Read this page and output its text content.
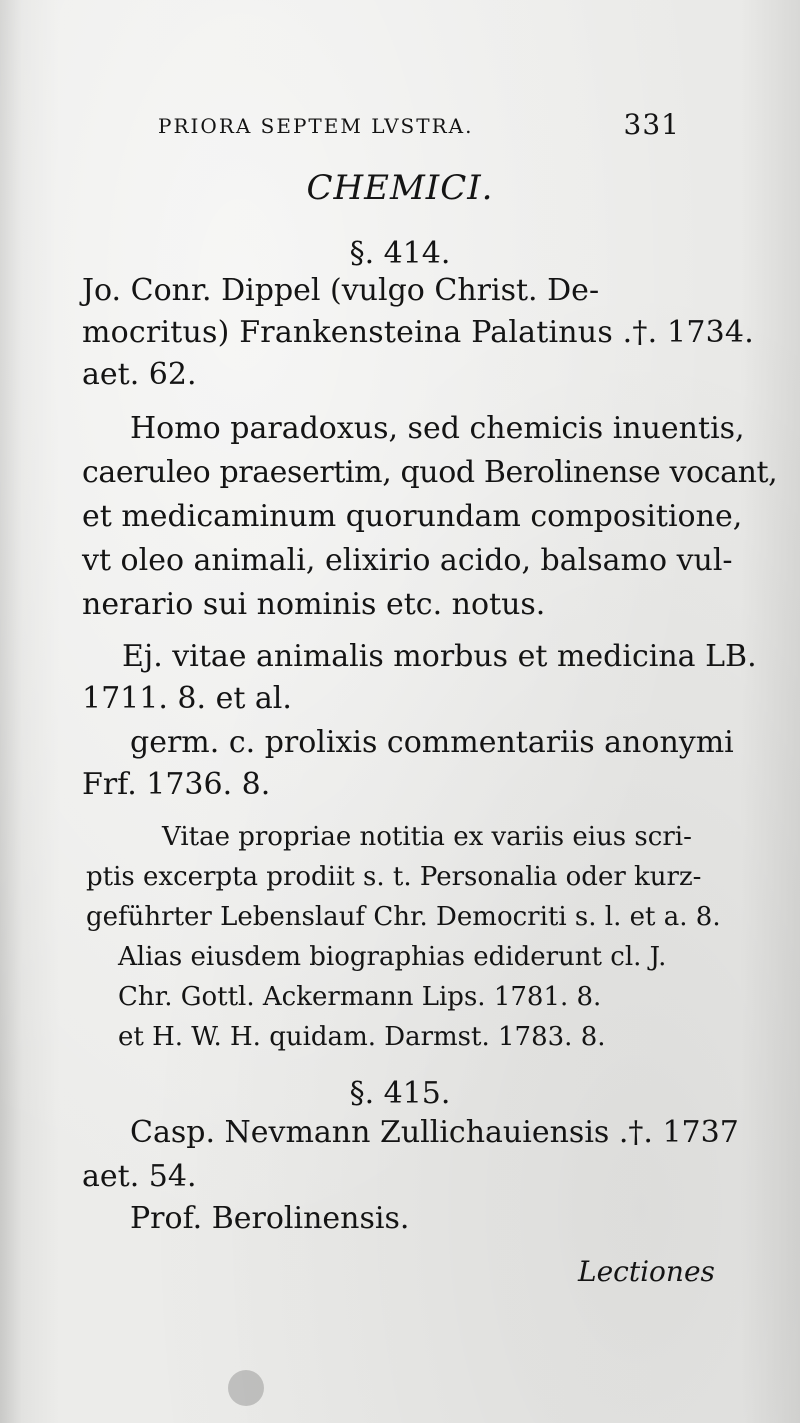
PRIORA SEPTEM LVSTRA.	331
CHEMICI.
§. 414.
Jo. Conr. Dippel (vulgo Christ. De-
mocritus) Frankensteina Palatinus .†. 1734.
aet. 62.
Homo paradoxus, sed chemicis inuentis,
caeruleo praesertim, quod Berolinense vocant,
et medicaminum quorundam compositione,
vt oleo animali, elixirio acido, balsamo vul-
nerario sui nominis etc. notus.
Ej. vitae animalis morbus et medicina LB.
1711. 8. et al.
germ. c. prolixis commentariis anonymi
Frf. 1736. 8.
Vitae propriae notitia ex variis eius scri-
ptis excerpta prodiit s. t. Personalia oder kurz-
geführter Lebenslauf Chr. Democriti s. l. et a. 8.
Alias eiusdem biographias ediderunt cl. J.
Chr. Gottl. Ackermann Lips. 1781. 8.
et H. W. H. quidam. Darmst. 1783. 8.
§. 415.
Casp. Nevmann Zullichauiensis .†. 1737
aet. 54.
Prof. Berolinensis.
Lectiones
